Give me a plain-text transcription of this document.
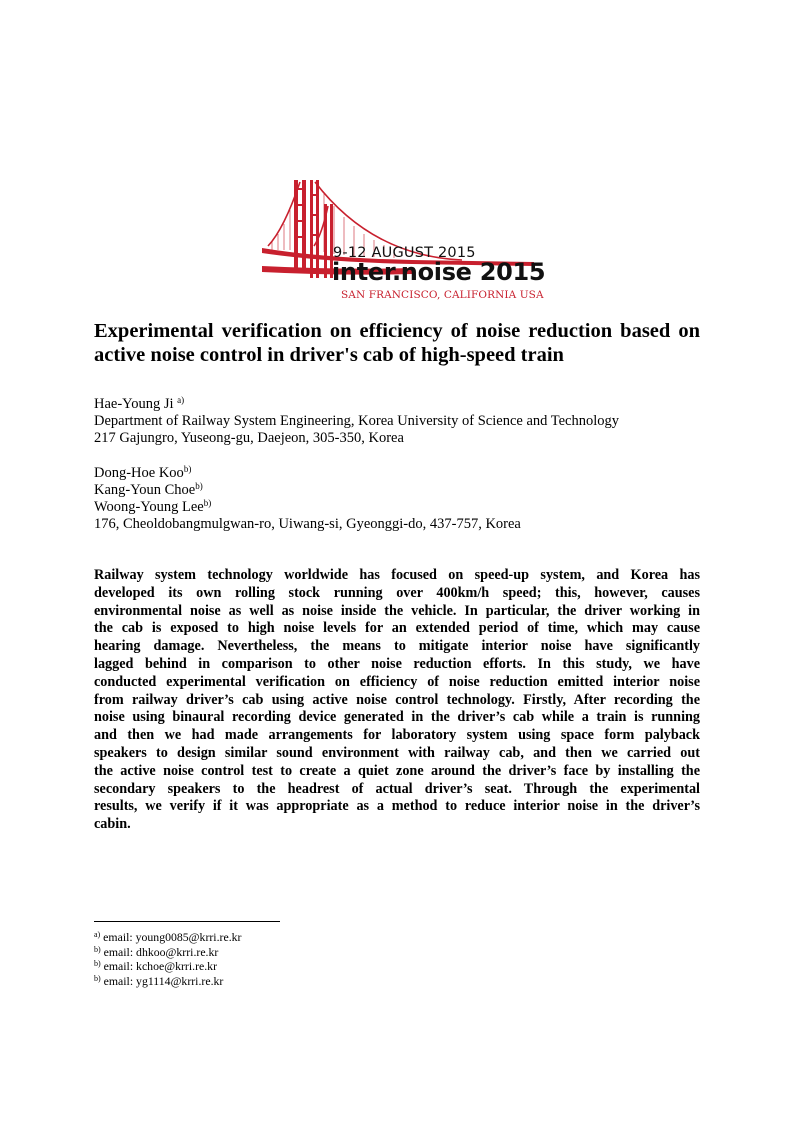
9-12 AUGUST 2015
inter.noise 2015
SAN FRANCISCO, CALIFORNIA USA
Experimental verification on efficiency of noise reduction based on
active noise control in driver's cab of high-speed train
Hae-Young Ji $^{a)}$
Department of Railway System Engineering, Korea University of Science and Technology
217 Gajungro, Yuseong-gu, Daejeon, 305-350, Korea
Dong-Hoe Koo$^{b)}$
Kang-Youn Choe$^{b)}$
Woong-Young Lee$^{b)}$
176, Cheoldobangmulgwan-ro, Uiwang-si, Gyeonggi-do, 437-757, Korea
Railway system technology worldwide has focused on speed-up system, and Korea has
developed its own rolling stock running over 400km/h speed; this, however, causes
environmental noise as well as noise inside the vehicle. In particular, the driver working in
the cab is exposed to high noise levels for an extended period of time, which may cause
hearing damage. Nevertheless, the means to mitigate interior noise have significantly
lagged behind in comparison to other noise reduction efforts. In this study, we have
conducted experimental verification on efficiency of noise reduction emitted interior noise
from railway driver’s cab using active noise control technology. Firstly, After recording the
noise using binaural recording device generated in the driver’s cab while a train is running
and then we had made arrangements for laboratory system using space form palyback
speakers to design similar sound environment with railway cab, and then we carried out
the active noise control test to create a quiet zone around the driver’s face by installing the
secondary speakers to the headrest of actual driver’s seat. Through the experimental
results, we verify if it was appropriate as a method to reduce interior noise in the driver’s
cabin.
$^{a)}$ email: young0085@krri.re.kr
$^{b)}$ email: dhkoo@krri.re.kr
$^{b)}$ email: kchoe@krri.re.kr
$^{b)}$ email: yg1114@krri.re.kr
